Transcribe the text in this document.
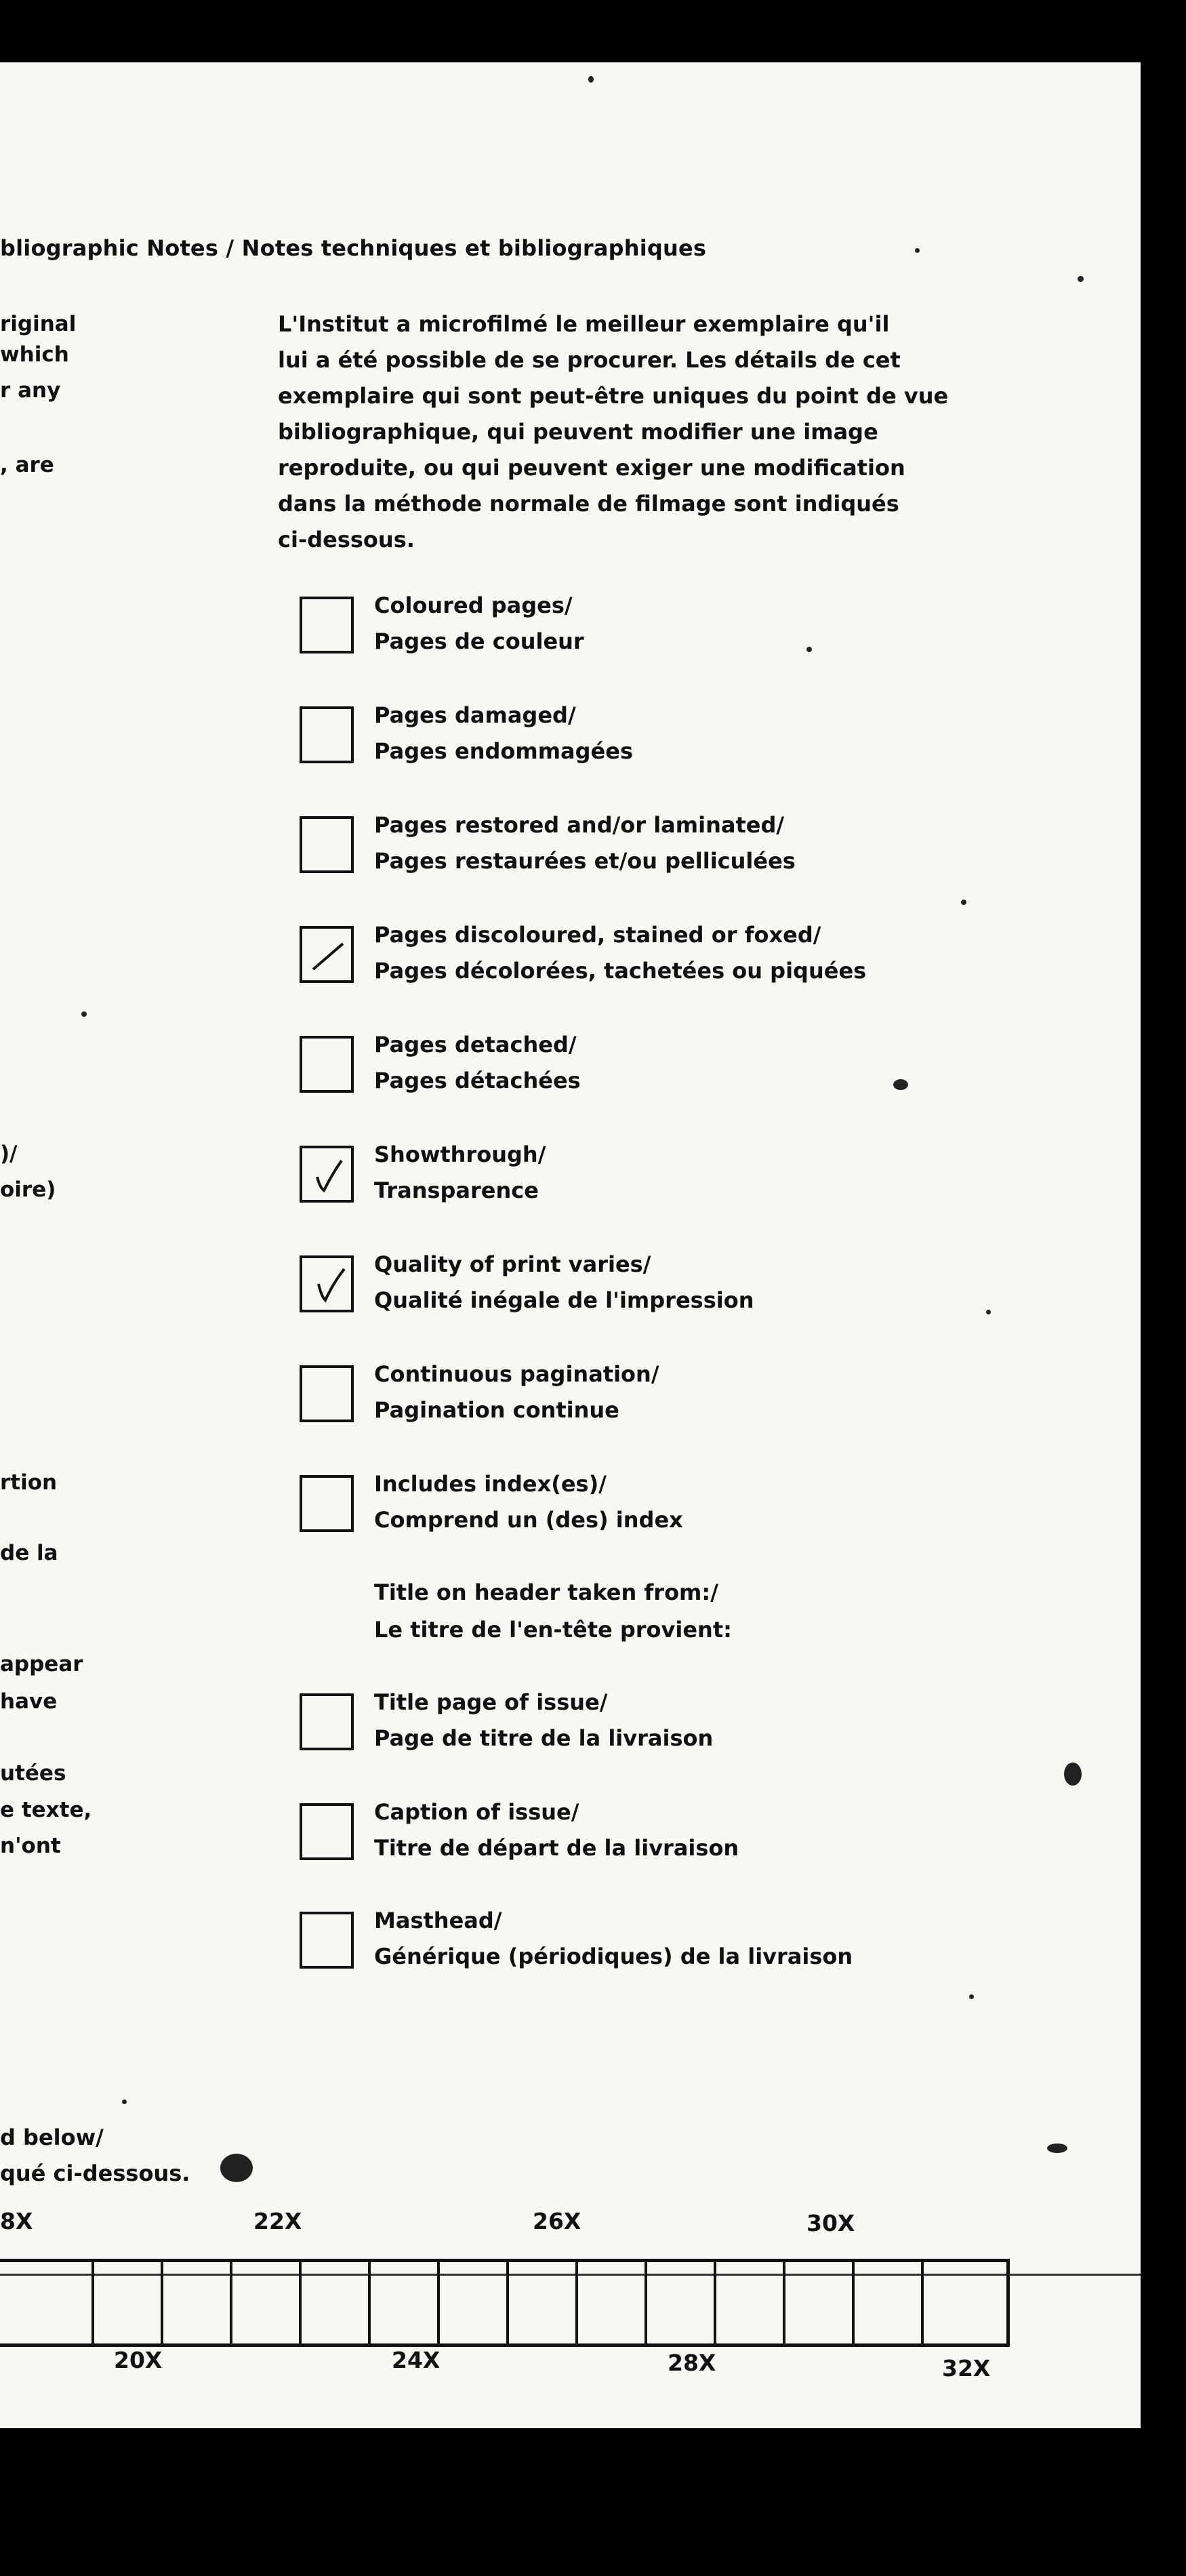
bliographic Notes / Notes techniques et bibliographiques
riginal
which
r any
, are
)/
oire)
rtion
de la
appear
have
utées
e texte,
n'ont
L'Institut a microfilmé le meilleur exemplaire qu'il
lui a été possible de se procurer. Les détails de cet
exemplaire qui sont peut-être uniques du point de vue
bibliographique, qui peuvent modifier une image
reproduite, ou qui peuvent exiger une modification
dans la méthode normale de filmage sont indiqués
ci-dessous.
Coloured pages/
Pages de couleur
Pages damaged/
Pages endommagées
Pages restored and/or laminated/
Pages restaurées et/ou pelliculées
Pages discoloured, stained or foxed/
Pages décolorées, tachetées ou piquées
Pages detached/
Pages détachées
Showthrough/
Transparence
Quality of print varies/
Qualité inégale de l'impression
Continuous pagination/
Pagination continue
Includes index(es)/
Comprend un (des) index
Title on header taken from:/
Le titre de l'en-tête provient:
Title page of issue/
Page de titre de la livraison
Caption of issue/
Titre de départ de la livraison
Masthead/
Générique (périodiques) de la livraison
d below/
qué ci-dessous.
8X	22X	26X	30X
20X	24X	28X	32X
